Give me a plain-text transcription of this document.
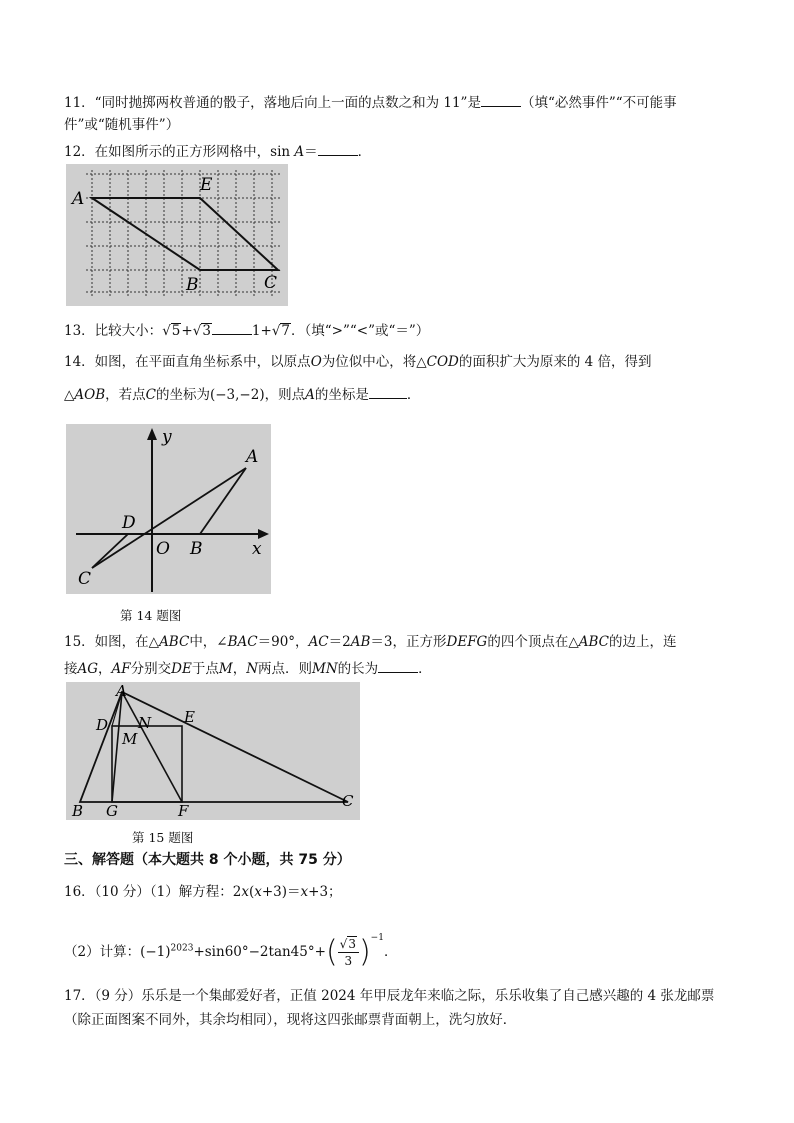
11．“同时抛掷两枚普通的骰子，落地后向上一面的点数之和为 11”是	（填“必然事件”“不可能事
件”或“随机事件”）
12．在如图所示的正方形网格中，sin A＝	．
A
E
B	C
13．比较大小：√5+√3	1+√7．（填“>”“<”或“＝”）
14．如图，在平面直角坐标系中，以原点O为位似中心，将△COD的面积扩大为原来的 4 倍，得到
△AOB，若点C的坐标为(−3,−2)，则点A的坐标是	．
y
x
A
D
O B
C
第 14 题图
15．如图，在△ABC中，∠BAC＝90°，AC＝2AB＝3，正方形DEFG的四个顶点在△ABC的边上，连
接AG，AF分别交DE于点M，N两点．则MN的长为	．
A
D N E
M
B G	F
C
第 15 题图
三、解答题（本大题共 8 个小题，共 75 分）
16．（10 分）（1）解方程：2x(x+3)＝x+3；
（2）计算：$(-1)^{2023}+\sin 60^\circ-2\tan 45^\circ+( \frac{√3}{3} )^{-1}$．
17．（9 分）乐乐是一个集邮爱好者，正值 2024 年甲辰龙年来临之际，乐乐收集了自己感兴趣的 4 张龙邮票
（除正面图案不同外，其余均相同），现将这四张邮票背面朝上，洗匀放好．
